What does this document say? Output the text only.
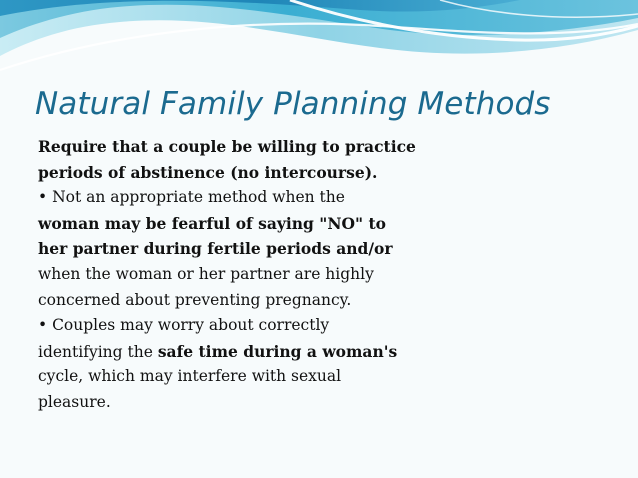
Natural Family Planning Methods
Require that a couple be willing to practice
periods of abstinence (no intercourse).
• Not an appropriate method when the
woman may be fearful of saying "NO" to
her partner during fertile periods and/or
when the woman or her partner are highly
concerned about preventing pregnancy.
• Couples may worry about correctly
identifying the safe time during a woman's
cycle, which may interfere with sexual
pleasure.
